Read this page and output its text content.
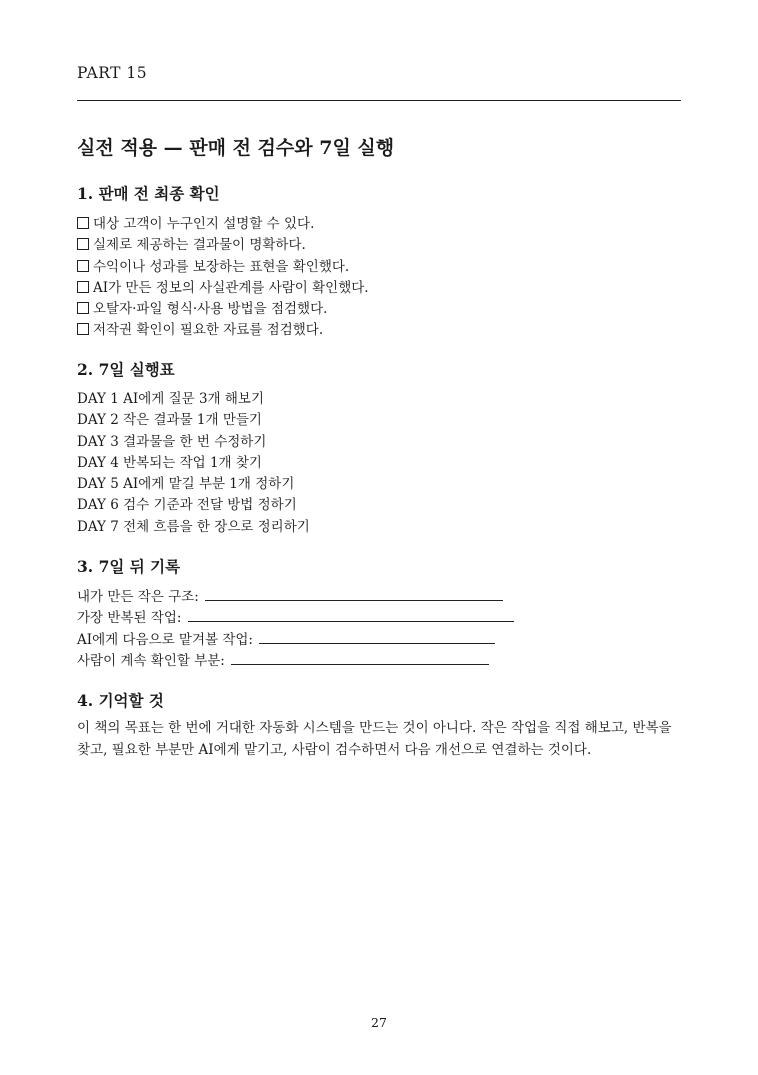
PART 15
실전 적용 — 판매 전 검수와 7일 실행
1. 판매 전 최종 확인
대상 고객이 누구인지 설명할 수 있다.
실제로 제공하는 결과물이 명확하다.
수익이나 성과를 보장하는 표현을 확인했다.
AI가 만든 정보의 사실관계를 사람이 확인했다.
오탈자·파일 형식·사용 방법을 점검했다.
저작권 확인이 필요한 자료를 점검했다.
2. 7일 실행표
DAY 1 AI에게 질문 3개 해보기
DAY 2 작은 결과물 1개 만들기
DAY 3 결과물을 한 번 수정하기
DAY 4 반복되는 작업 1개 찾기
DAY 5 AI에게 맡길 부분 1개 정하기
DAY 6 검수 기준과 전달 방법 정하기
DAY 7 전체 흐름을 한 장으로 정리하기
3. 7일 뒤 기록
내가 만든 작은 구조:
가장 반복된 작업:
AI에게 다음으로 맡겨볼 작업:
사람이 계속 확인할 부분:
4. 기억할 것

이 책의 목표는 한 번에 거대한 자동화 시스템을 만드는 것이 아니다. 작은 작업을 직접 해보고, 반복을 찾고, 필요한 부분만 AI에게 맡기고, 사람이 검수하면서 다음 개선으로 연결하는 것이다.

27
